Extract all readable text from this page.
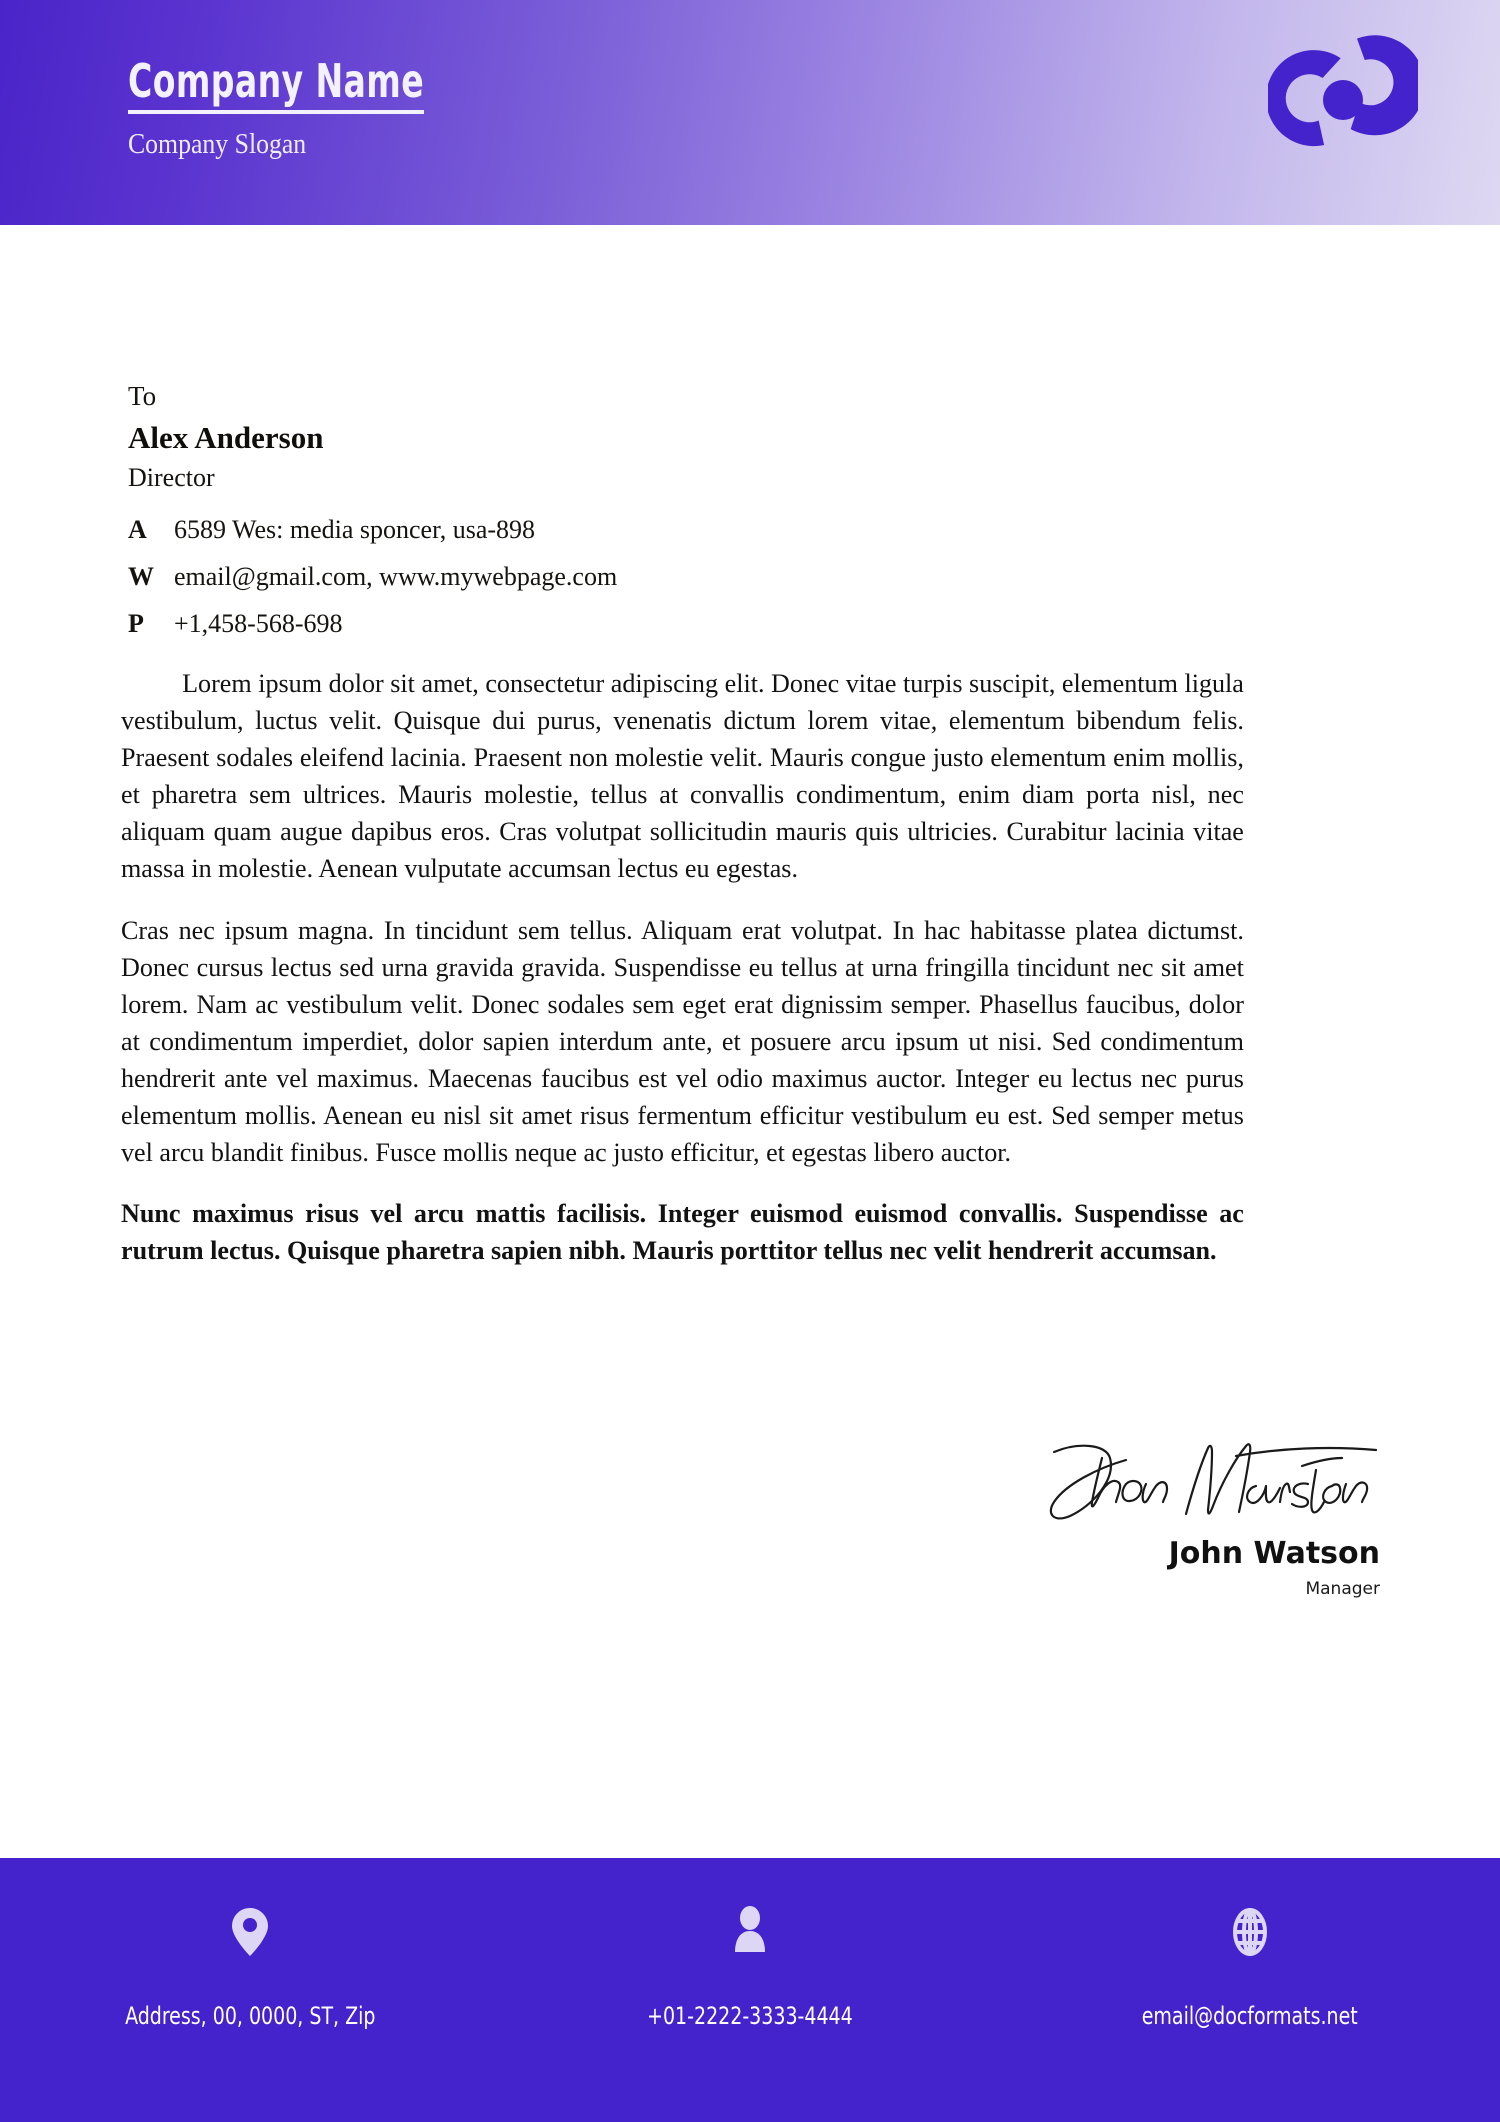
Company Name
Company Slogan
To
Alex Anderson
Director
A	6589 Wes: media sponcer, usa-898
W email@gmail.com, www.mywebpage.com
P	+1,458-568-698

Lorem ipsum dolor sit amet, consectetur adipiscing elit. Donec vitae turpis suscipit, elementum ligula vestibulum, luctus velit. Quisque dui purus, venenatis dictum lorem vitae, elementum bibendum felis. Praesent sodales eleifend lacinia. Praesent non molestie velit. Mauris congue justo elementum enim mollis, et pharetra sem ultrices. Mauris molestie, tellus at convallis condimentum, enim diam porta nisl, nec aliquam quam augue dapibus eros. Cras volutpat sollicitudin mauris quis ultricies. Curabitur lacinia vitae massa in molestie. Aenean vulputate accumsan lectus eu egestas.

Cras nec ipsum magna. In tincidunt sem tellus. Aliquam erat volutpat. In hac habitasse platea dictumst. Donec cursus lectus sed urna gravida gravida. Suspendisse eu tellus at urna fringilla tincidunt nec sit amet lorem. Nam ac vestibulum velit. Donec sodales sem eget erat dignissim semper. Phasellus faucibus, dolor at condimentum imperdiet, dolor sapien interdum ante, et posuere arcu ipsum ut nisi. Sed condimentum hendrerit ante vel maximus. Maecenas faucibus est vel odio maximus auctor. Integer eu lectus nec purus elementum mollis. Aenean eu nisl sit amet risus fermentum efficitur vestibulum eu est. Sed semper metus vel arcu blandit finibus. Fusce mollis neque ac justo efficitur, et egestas libero auctor.

Nunc maximus risus vel arcu mattis facilisis. Integer euismod euismod convallis. Suspendisse ac rutrum lectus. Quisque pharetra sapien nibh. Mauris porttitor tellus nec velit hendrerit accumsan.

John Watson
Manager
Address, 00, 0000, ST, Zip	+01-2222-3333-4444	email@docformats.net
